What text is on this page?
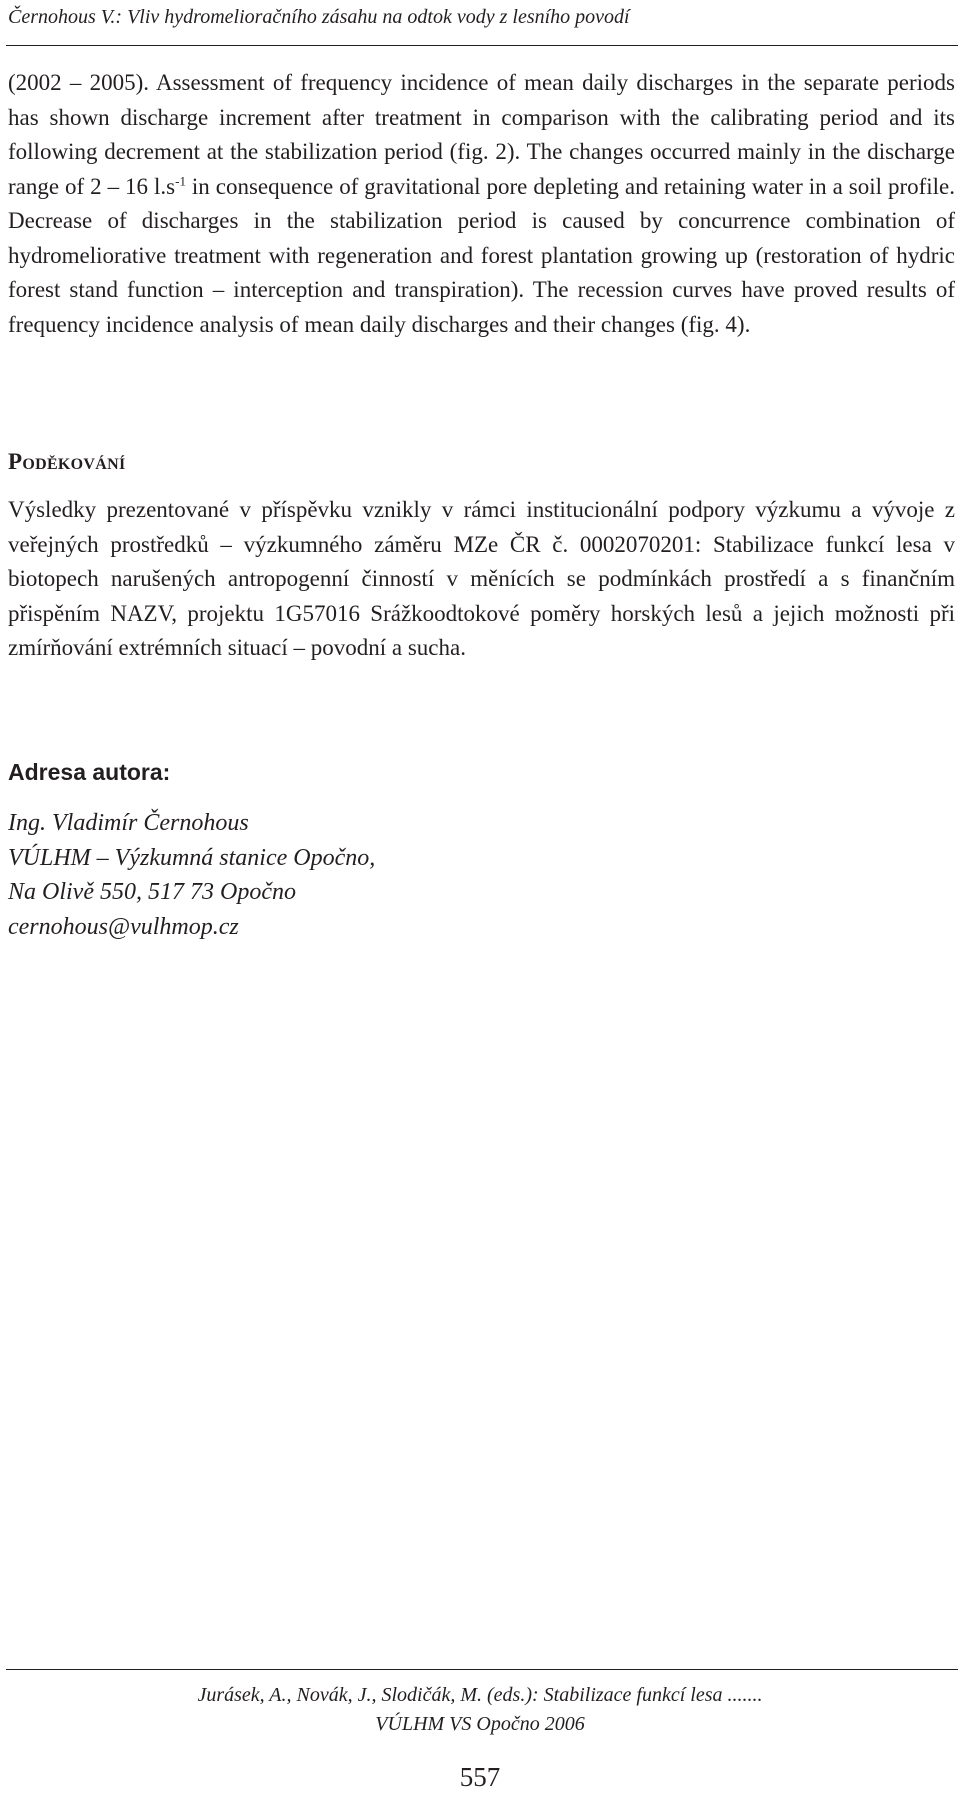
Černohous V.: Vliv hydromelioračního zásahu na odtok vody z lesního povodí

(2002 – 2005). Assessment of frequency incidence of mean daily discharges in the separate periods has shown discharge increment after treatment in comparison with the calibrating period and its following decrement at the stabilization period (fig. 2). The changes occurred mainly in the discharge range of 2 – 16 $l.s^{-1}$ in consequence of gravitational pore depleting and retaining water in a soil profile. Decrease of discharges in the stabilization period is caused by concurrence combination of hydromeliorative treatment with regeneration and forest plantation growing up (restoration of hydric forest stand function – interception and transpiration). The recession curves have proved results of frequency incidence analysis of mean daily discharges and their changes (fig. 4).

Poděkování

Výsledky prezentované v příspěvku vznikly v rámci institucionální podpory výzkumu a vývoje z veřejných prostředků – výzkumného záměru MZe ČR č. 0002070201: Stabilizace funkcí lesa v biotopech narušených antropogenní činností v měnících se podmínkách prostředí a s finančním přispěním NAZV, projektu 1G57016 Srážkoodtokové poměry horských lesů a jejich možnosti při zmírňování extrémních situací – povodní a sucha.

Adresa autora:
Ing. Vladimír Černohous
VÚLHM – Výzkumná stanice Opočno,
Na Olivě 550, 517 73 Opočno
cernohous@vulhmop.cz
Jurásek, A., Novák, J., Slodičák, M. (eds.): Stabilizace funkcí lesa .......
VÚLHM VS Opočno 2006
557
